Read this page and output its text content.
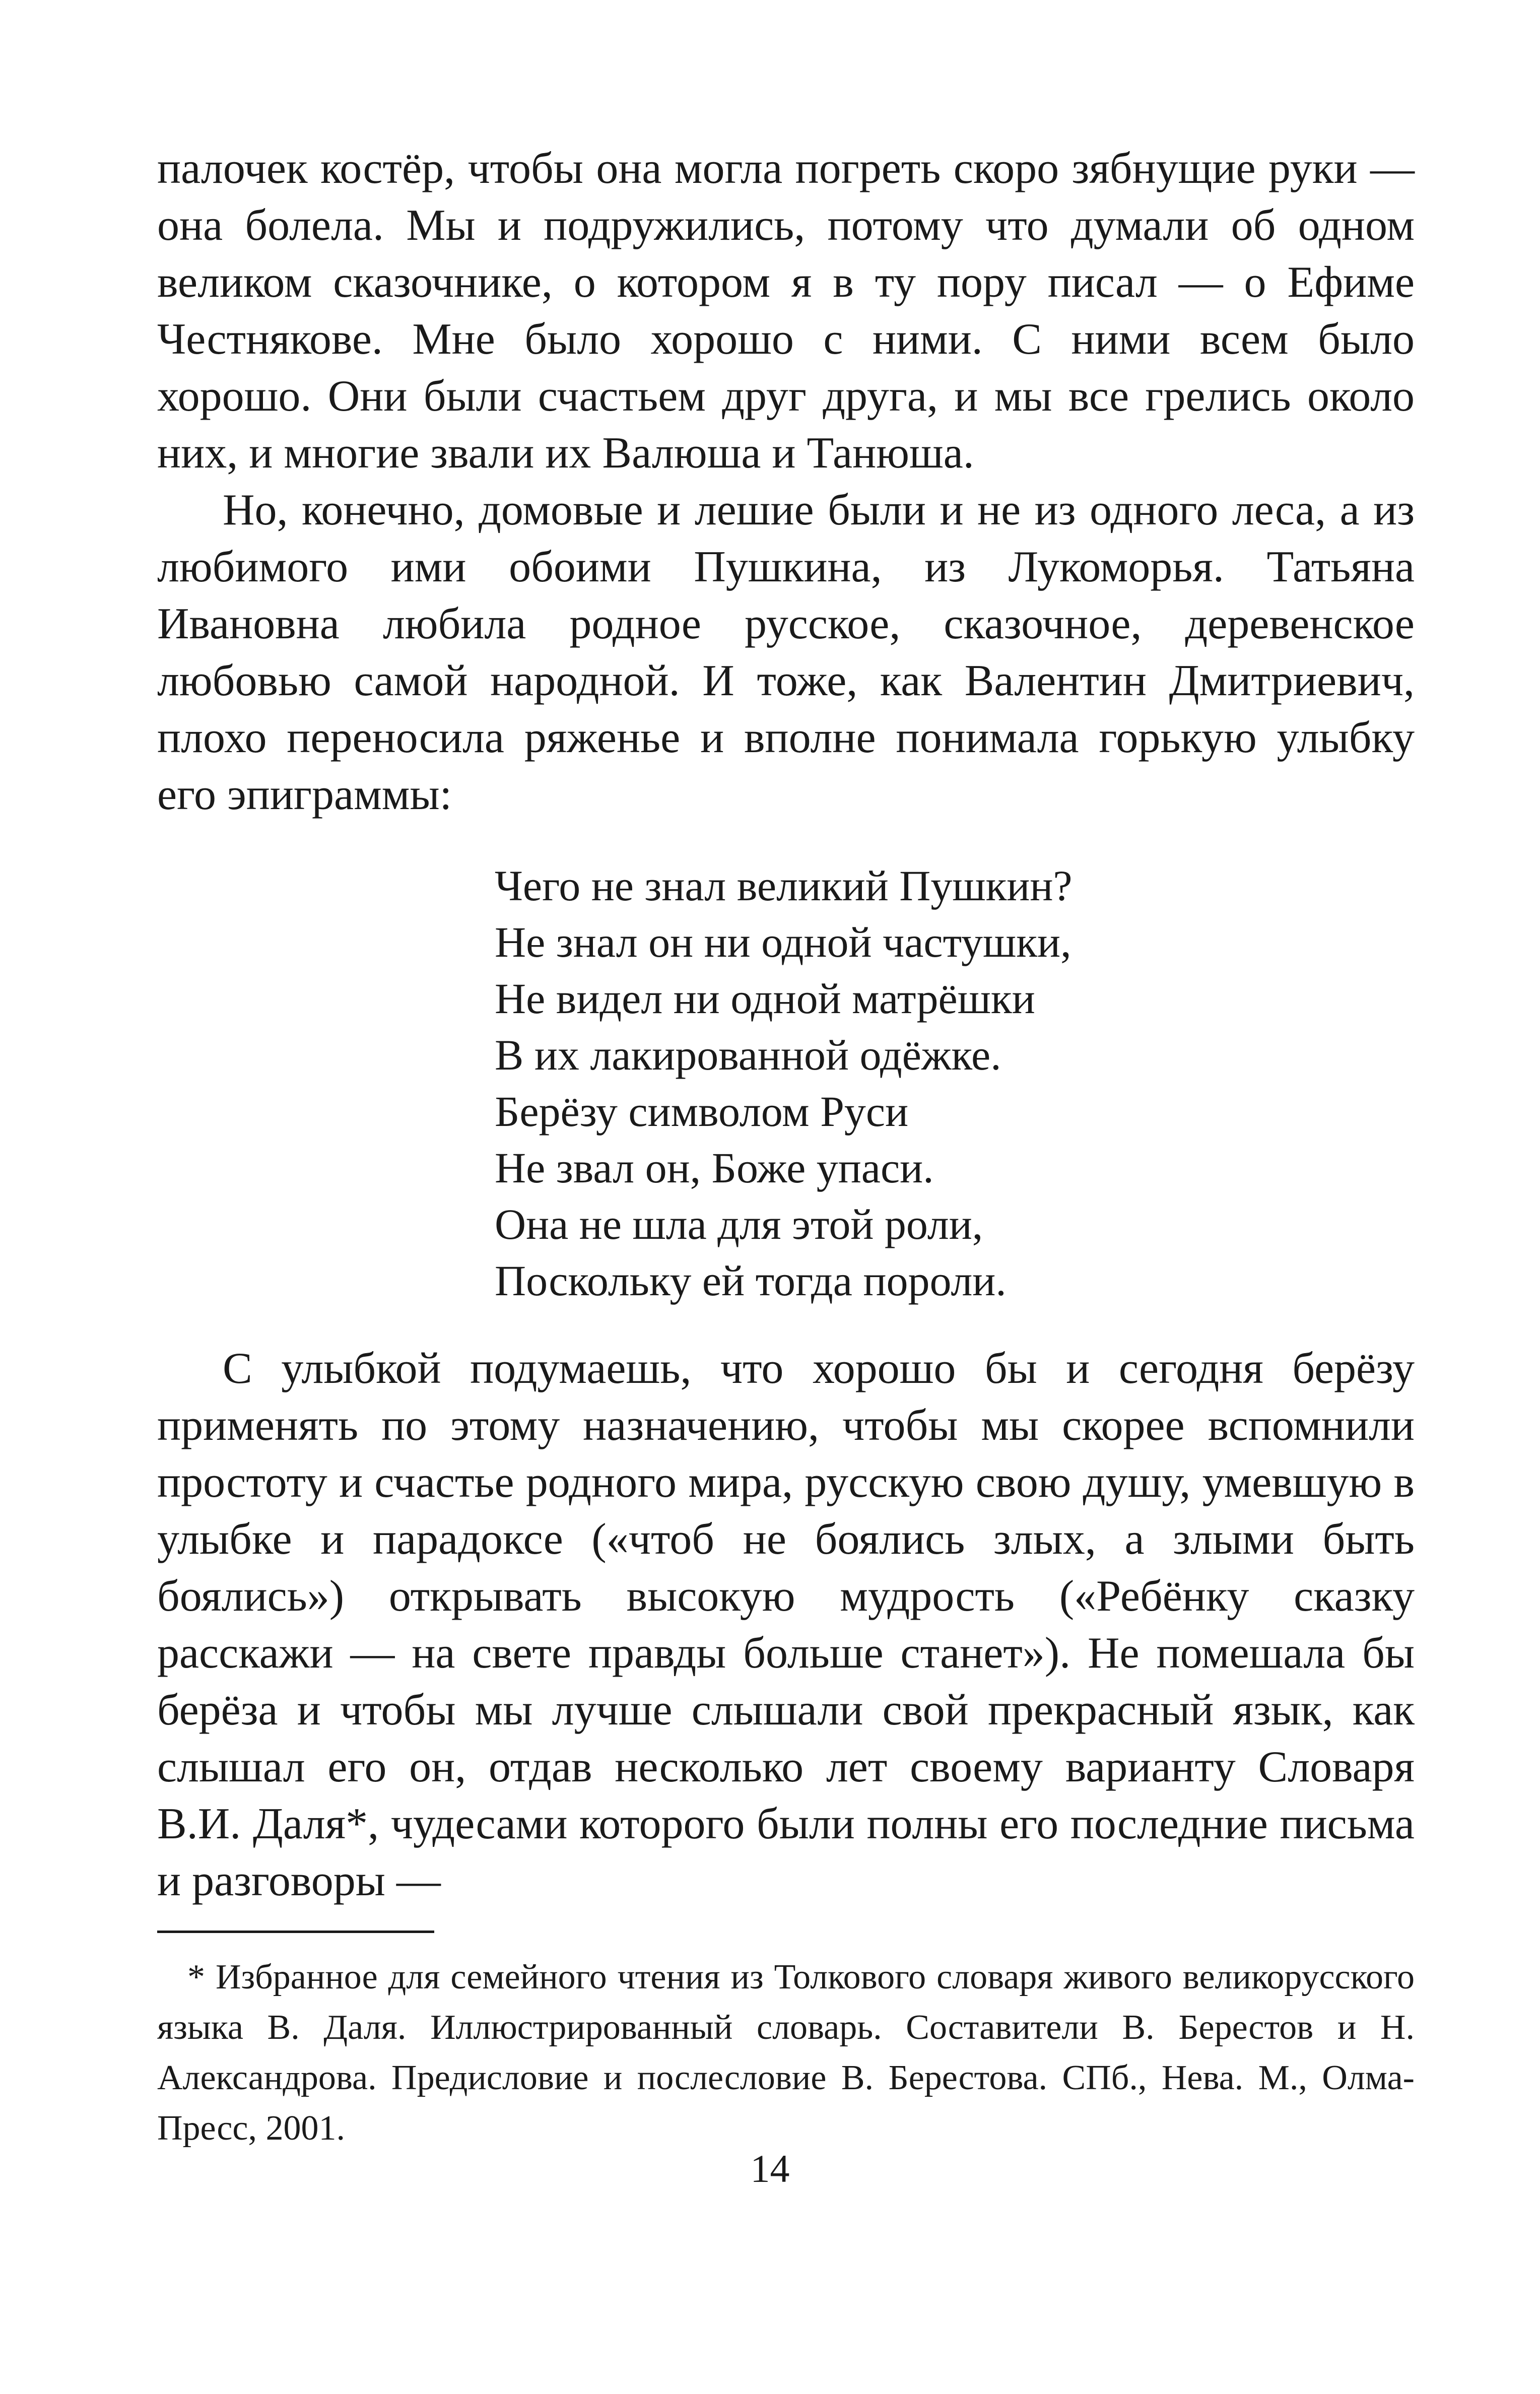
палочек костёр, чтобы она могла погреть скоро зябнущие руки — она болела. Мы и подружились, потому что думали об одном великом сказочнике, о котором я в ту пору писал — о Ефиме Честнякове. Мне было хорошо с ними. С ними всем было хорошо. Они были счастьем друг друга, и мы все грелись около них, и многие звали их Валюша и Танюша.

Но, конечно, домовые и лешие были и не из одного леса, а из любимого ими обоими Пушкина, из Лукоморья. Татьяна Ивановна любила родное русское, сказочное, деревенское любовью самой народной. И тоже, как Валентин Дмитриевич, плохо переносила ряженье и вполне понимала горькую улыбку его эпиграммы:

Чего не знал великий Пушкин?
Не знал он ни одной частушки,
Не видел ни одной матрёшки
В их лакированной одёжке.
Берёзу символом Руси
Не звал он, Боже упаси.
Она не шла для этой роли,
Поскольку ей тогда пороли.

С улыбкой подумаешь, что хорошо бы и сегодня берёзу применять по этому назначению, чтобы мы скорее вспомнили простоту и счастье родного мира, русскую свою душу, умевшую в улыбке и парадоксе («чтоб не боялись злых, а злыми быть боялись») открывать высокую мудрость («Ребёнку сказку расскажи — на свете правды больше станет»). Не помешала бы берёза и чтобы мы лучше слышали свой прекрасный язык, как слышал его он, отдав несколько лет своему варианту Словаря В.И. Даля*, чудесами которого были полны его последние письма и разговоры —

* Избранное для семейного чтения из Толкового словаря живого великорусского языка В. Даля. Иллюстрированный словарь. Составители В. Берестов и Н. Александрова. Предисловие и послесловие В. Берестова. СПб., Нева. М., Олма-Пресс, 2001.

14
